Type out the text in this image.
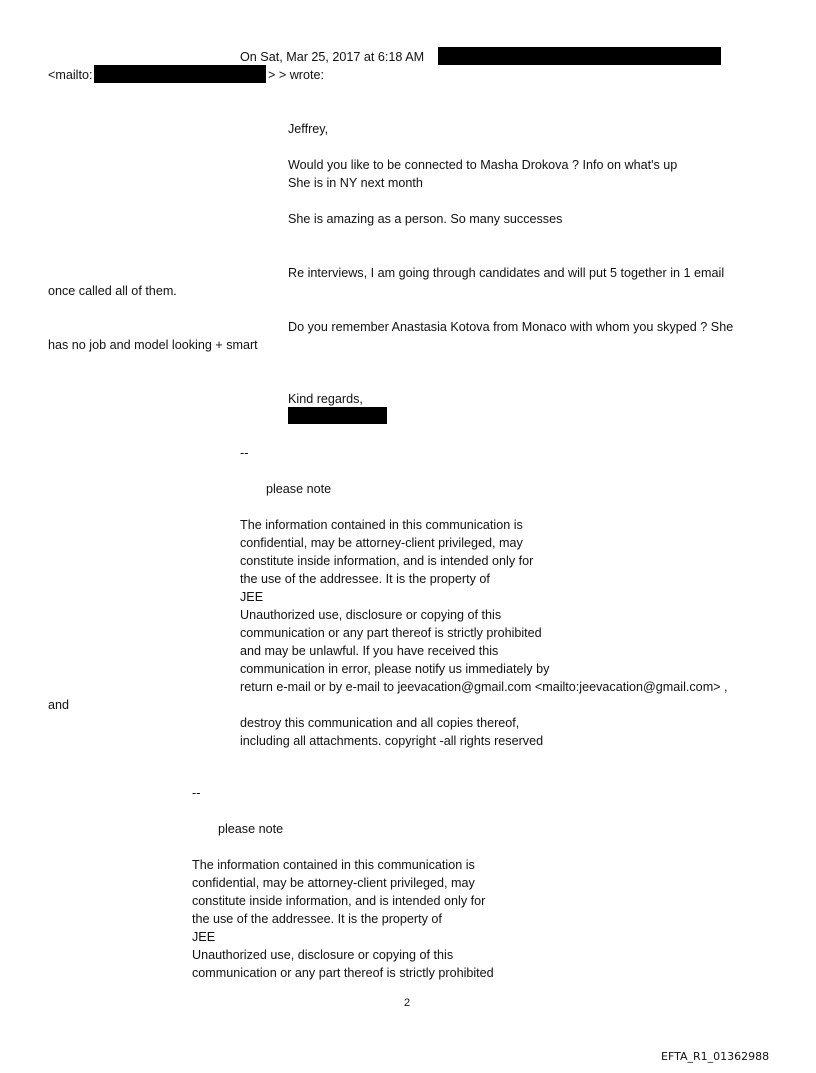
On Sat, Mar 25, 2017 at 6:18 AM
<mailto:	> > wrote:
Jeffrey,
Would you like to be connected to Masha Drokova ? Info on what's up
She is in NY next month
She is amazing as a person. So many successes
Re interviews, I am going through candidates and will put 5 together in 1 email
once called all of them.
Do you remember Anastasia Kotova from Monaco with whom you skyped ? She
has no job and model looking + smart
Kind regards,
--
please note
The information contained in this communication is
confidential, may be attorney-client privileged, may
constitute inside information, and is intended only for
the use of the addressee. It is the property of
JEE
Unauthorized use, disclosure or copying of this
communication or any part thereof is strictly prohibited
and may be unlawful. If you have received this
communication in error, please notify us immediately by
return e-mail or by e-mail to jeevacation@gmail.com <mailto:jeevacation@gmail.com> ,
and
destroy this communication and all copies thereof,
including all attachments. copyright -all rights reserved
--
please note
The information contained in this communication is
confidential, may be attorney-client privileged, may
constitute inside information, and is intended only for
the use of the addressee. It is the property of
JEE
Unauthorized use, disclosure or copying of this
communication or any part thereof is strictly prohibited
2
EFTA_R1_01362988
